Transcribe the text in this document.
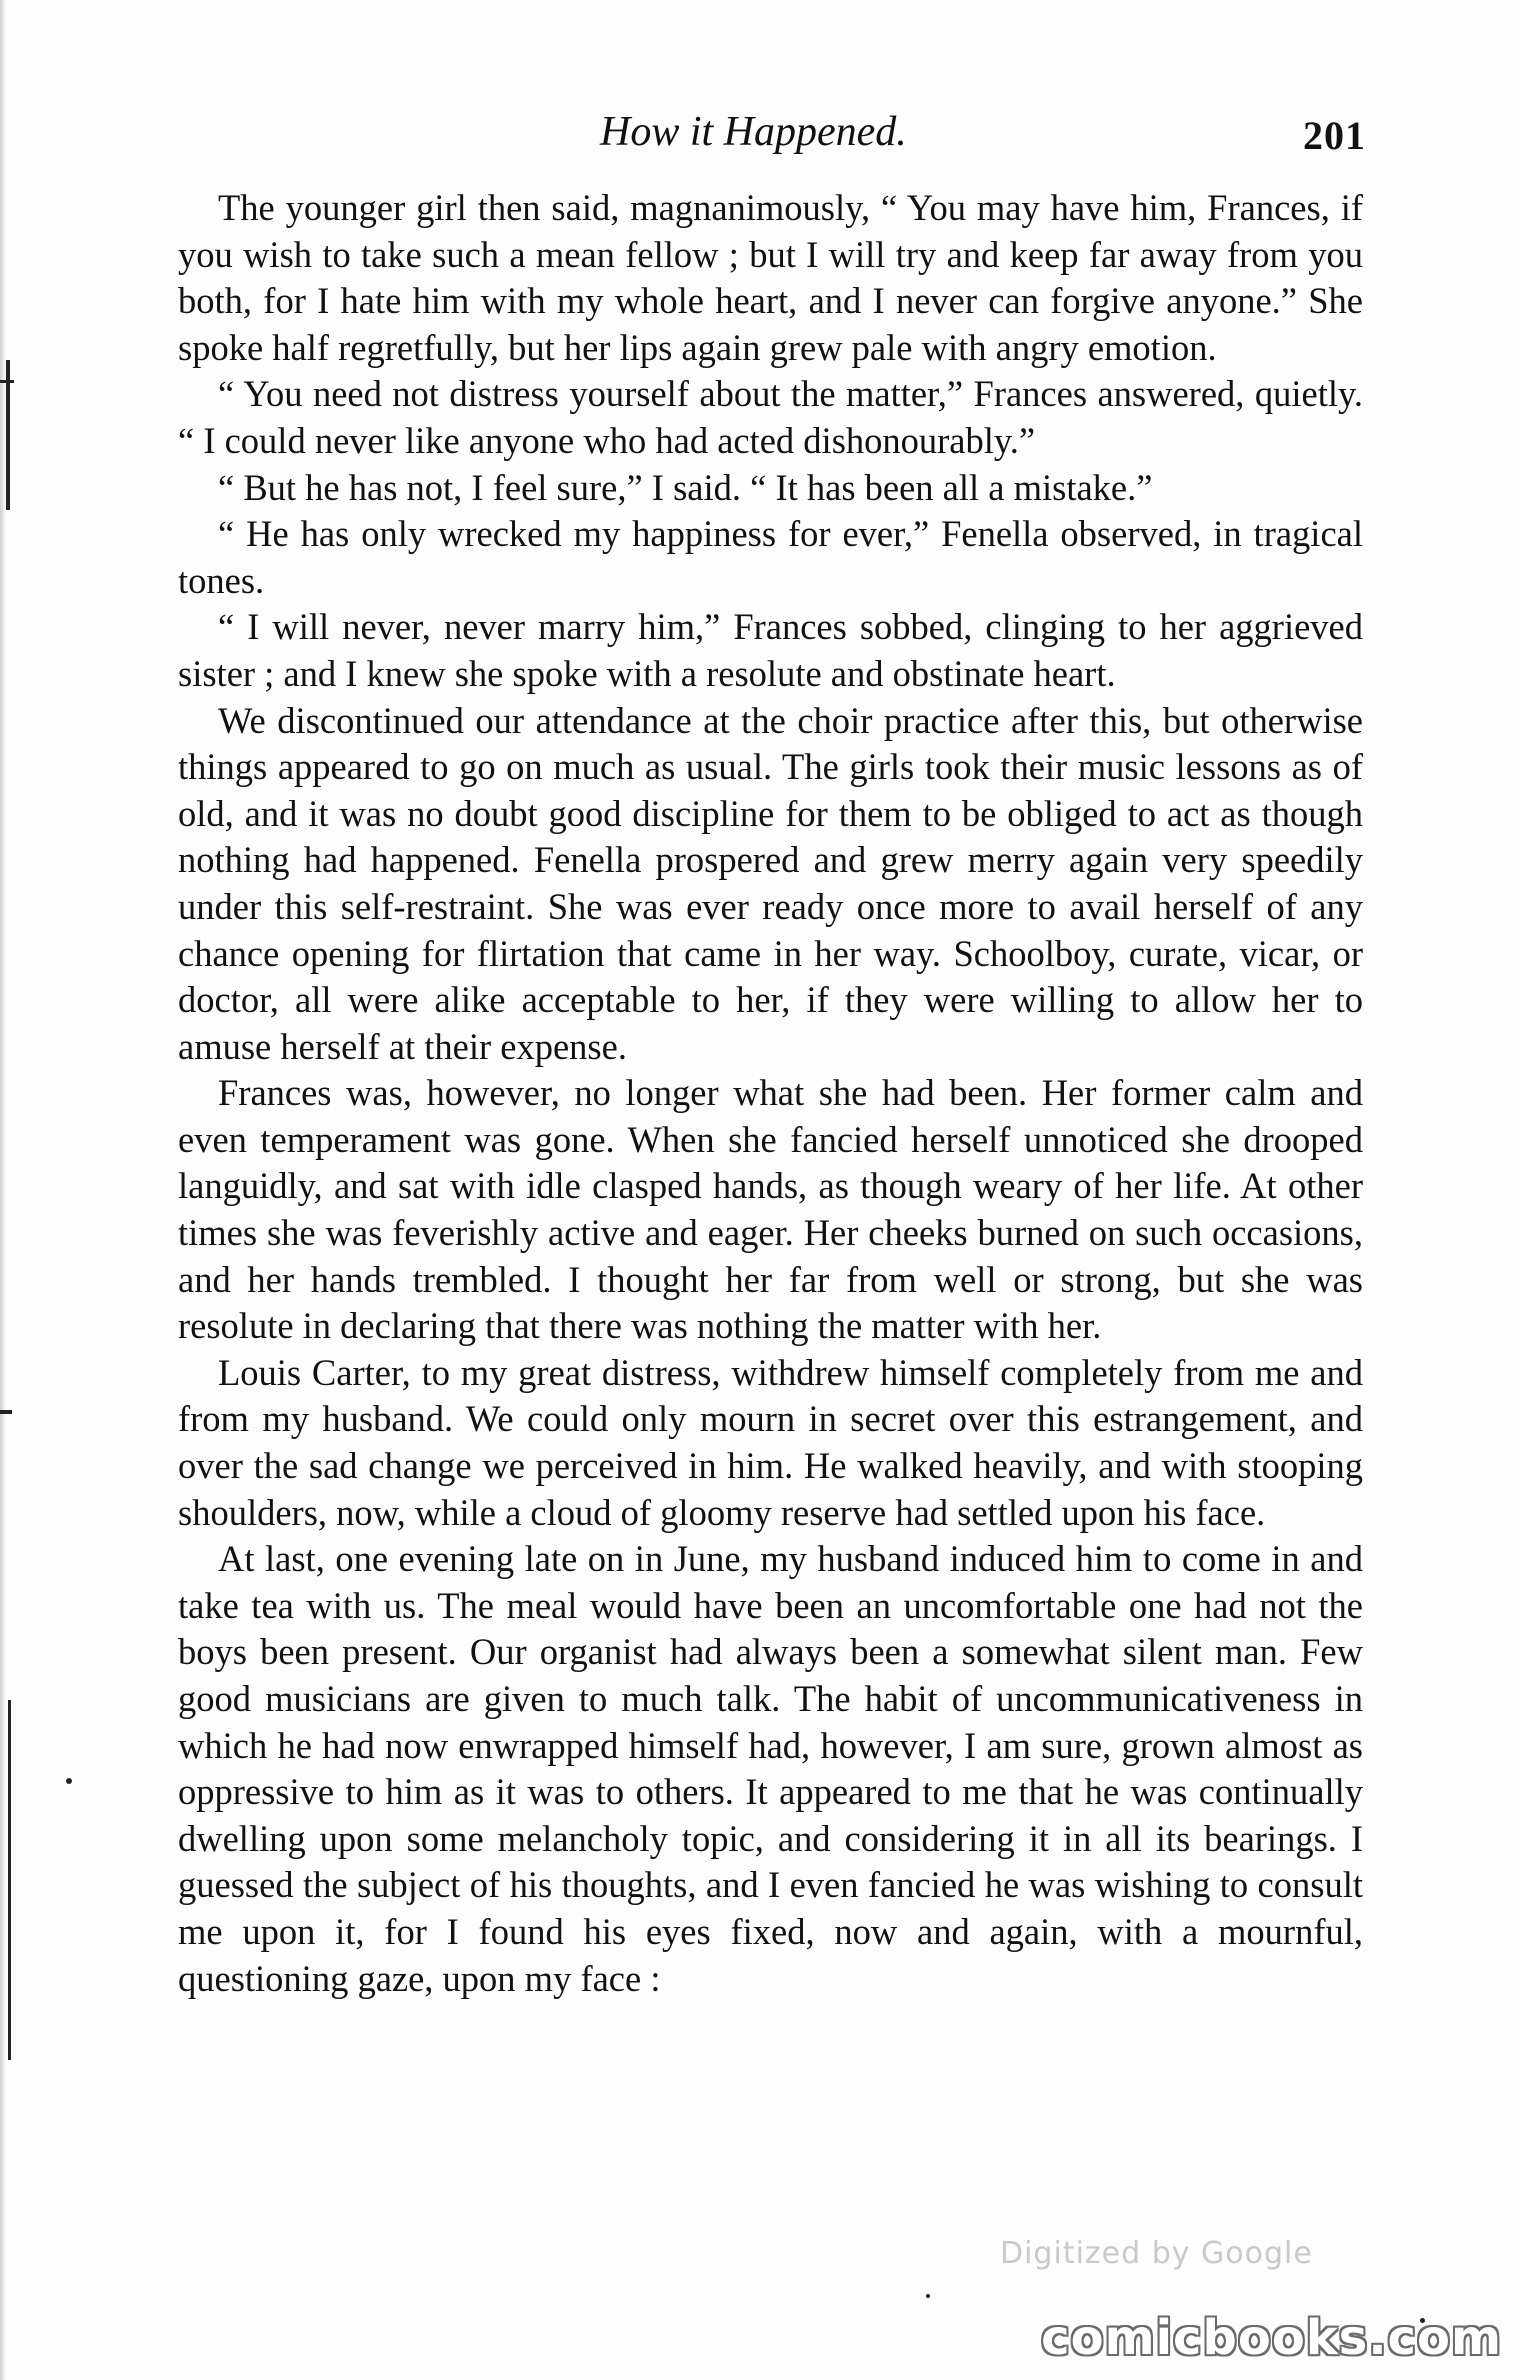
How it Happened.	201

The younger girl then said, magnanimously, “ You may have him, Frances, if you wish to take such a mean fellow ; but I will try and keep far away from you both, for I hate him with my whole heart, and I never can forgive anyone.” She spoke half regretfully, but her lips again grew pale with angry emotion.

“ You need not distress yourself about the matter,” Frances answered, quietly. “ I could never like anyone who had acted dishonourably.”

“ But he has not, I feel sure,” I said. “ It has been all a mistake.”

“ He has only wrecked my happiness for ever,” Fenella observed, in tragical tones.

“ I will never, never marry him,” Frances sobbed, clinging to her aggrieved sister ; and I knew she spoke with a resolute and obstinate heart.

We discontinued our attendance at the choir practice after this, but otherwise things appeared to go on much as usual. The girls took their music lessons as of old, and it was no doubt good discipline for them to be obliged to act as though nothing had happened. Fenella prospered and grew merry again very speedily under this self-restraint. She was ever ready once more to avail herself of any chance opening for flirtation that came in her way. Schoolboy, curate, vicar, or doctor, all were alike acceptable to her, if they were willing to allow her to amuse herself at their expense.

Frances was, however, no longer what she had been. Her former calm and even temperament was gone. When she fancied herself unnoticed she drooped languidly, and sat with idle clasped hands, as though weary of her life. At other times she was feverishly active and eager. Her cheeks burned on such occasions, and her hands trembled. I thought her far from well or strong, but she was resolute in declaring that there was nothing the matter with her.

Louis Carter, to my great distress, withdrew himself completely from me and from my husband. We could only mourn in secret over this estrangement, and over the sad change we perceived in him. He walked heavily, and with stooping shoulders, now, while a cloud of gloomy reserve had settled upon his face.

At last, one evening late on in June, my husband induced him to come in and take tea with us. The meal would have been an uncomfortable one had not the boys been present. Our organist had always been a somewhat silent man. Few good musicians are given to much talk. The habit of uncommunicativeness in which he had now enwrapped himself had, however, I am sure, grown almost as oppressive to him as it was to others. It appeared to me that he was continually dwelling upon some melancholy topic, and considering it in all its bearings. I guessed the subject of his thoughts, and I even fancied he was wishing to consult me upon it, for I found his eyes fixed, now and again, with a mournful, questioning gaze, upon my face :

Digitized by Google
comicbooks.com
